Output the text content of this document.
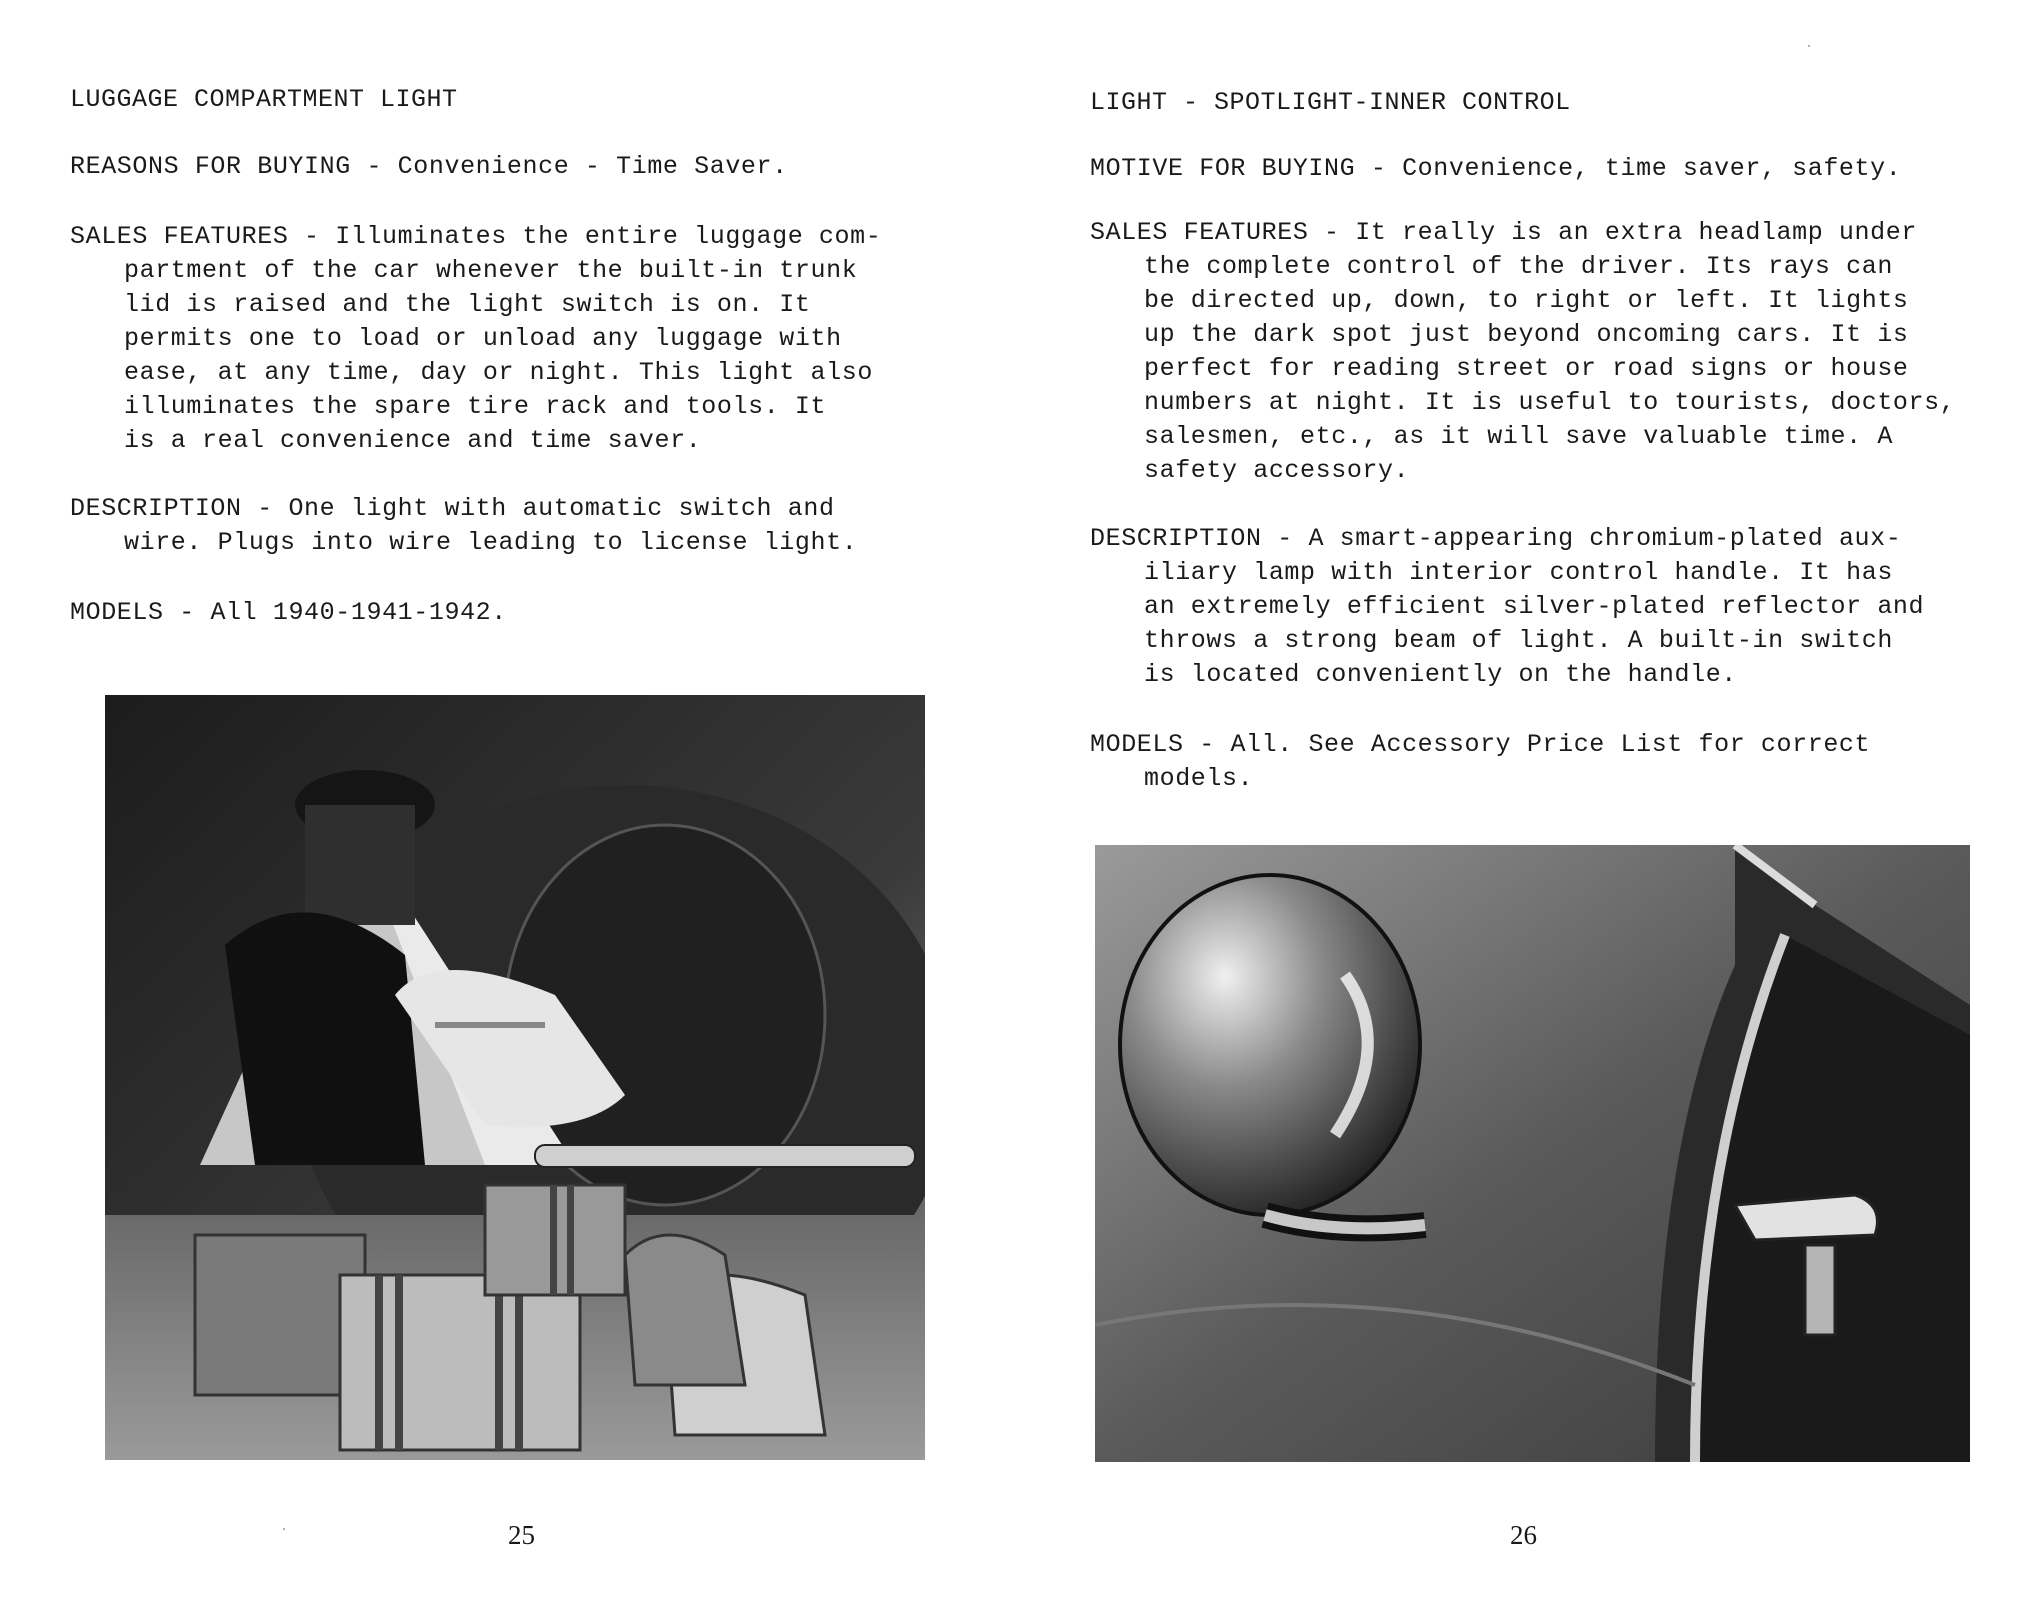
LUGGAGE COMPARTMENT LIGHT
REASONS FOR BUYING - Convenience - Time Saver.
SALES FEATURES - Illuminates the entire luggage com-
partment of the car whenever the built-in trunk
lid is raised and the light switch is on. It
permits one to load or unload any luggage with
ease, at any time, day or night. This light also
illuminates the spare tire rack and tools. It
is a real convenience and time saver.
DESCRIPTION - One light with automatic switch and
wire. Plugs into wire leading to license light.
MODELS - All 1940-1941-1942.
25
LIGHT - SPOTLIGHT-INNER CONTROL
MOTIVE FOR BUYING - Convenience, time saver, safety.
SALES FEATURES - It really is an extra headlamp under
the complete control of the driver. Its rays can
be directed up, down, to right or left. It lights
up the dark spot just beyond oncoming cars. It is
perfect for reading street or road signs or house
numbers at night. It is useful to tourists, doctors,
salesmen, etc., as it will save valuable time. A
safety accessory.
DESCRIPTION - A smart-appearing chromium-plated aux-
iliary lamp with interior control handle. It has
an extremely efficient silver-plated reflector and
throws a strong beam of light. A built-in switch
is located conveniently on the handle.
MODELS - All. See Accessory Price List for correct
models.
26
